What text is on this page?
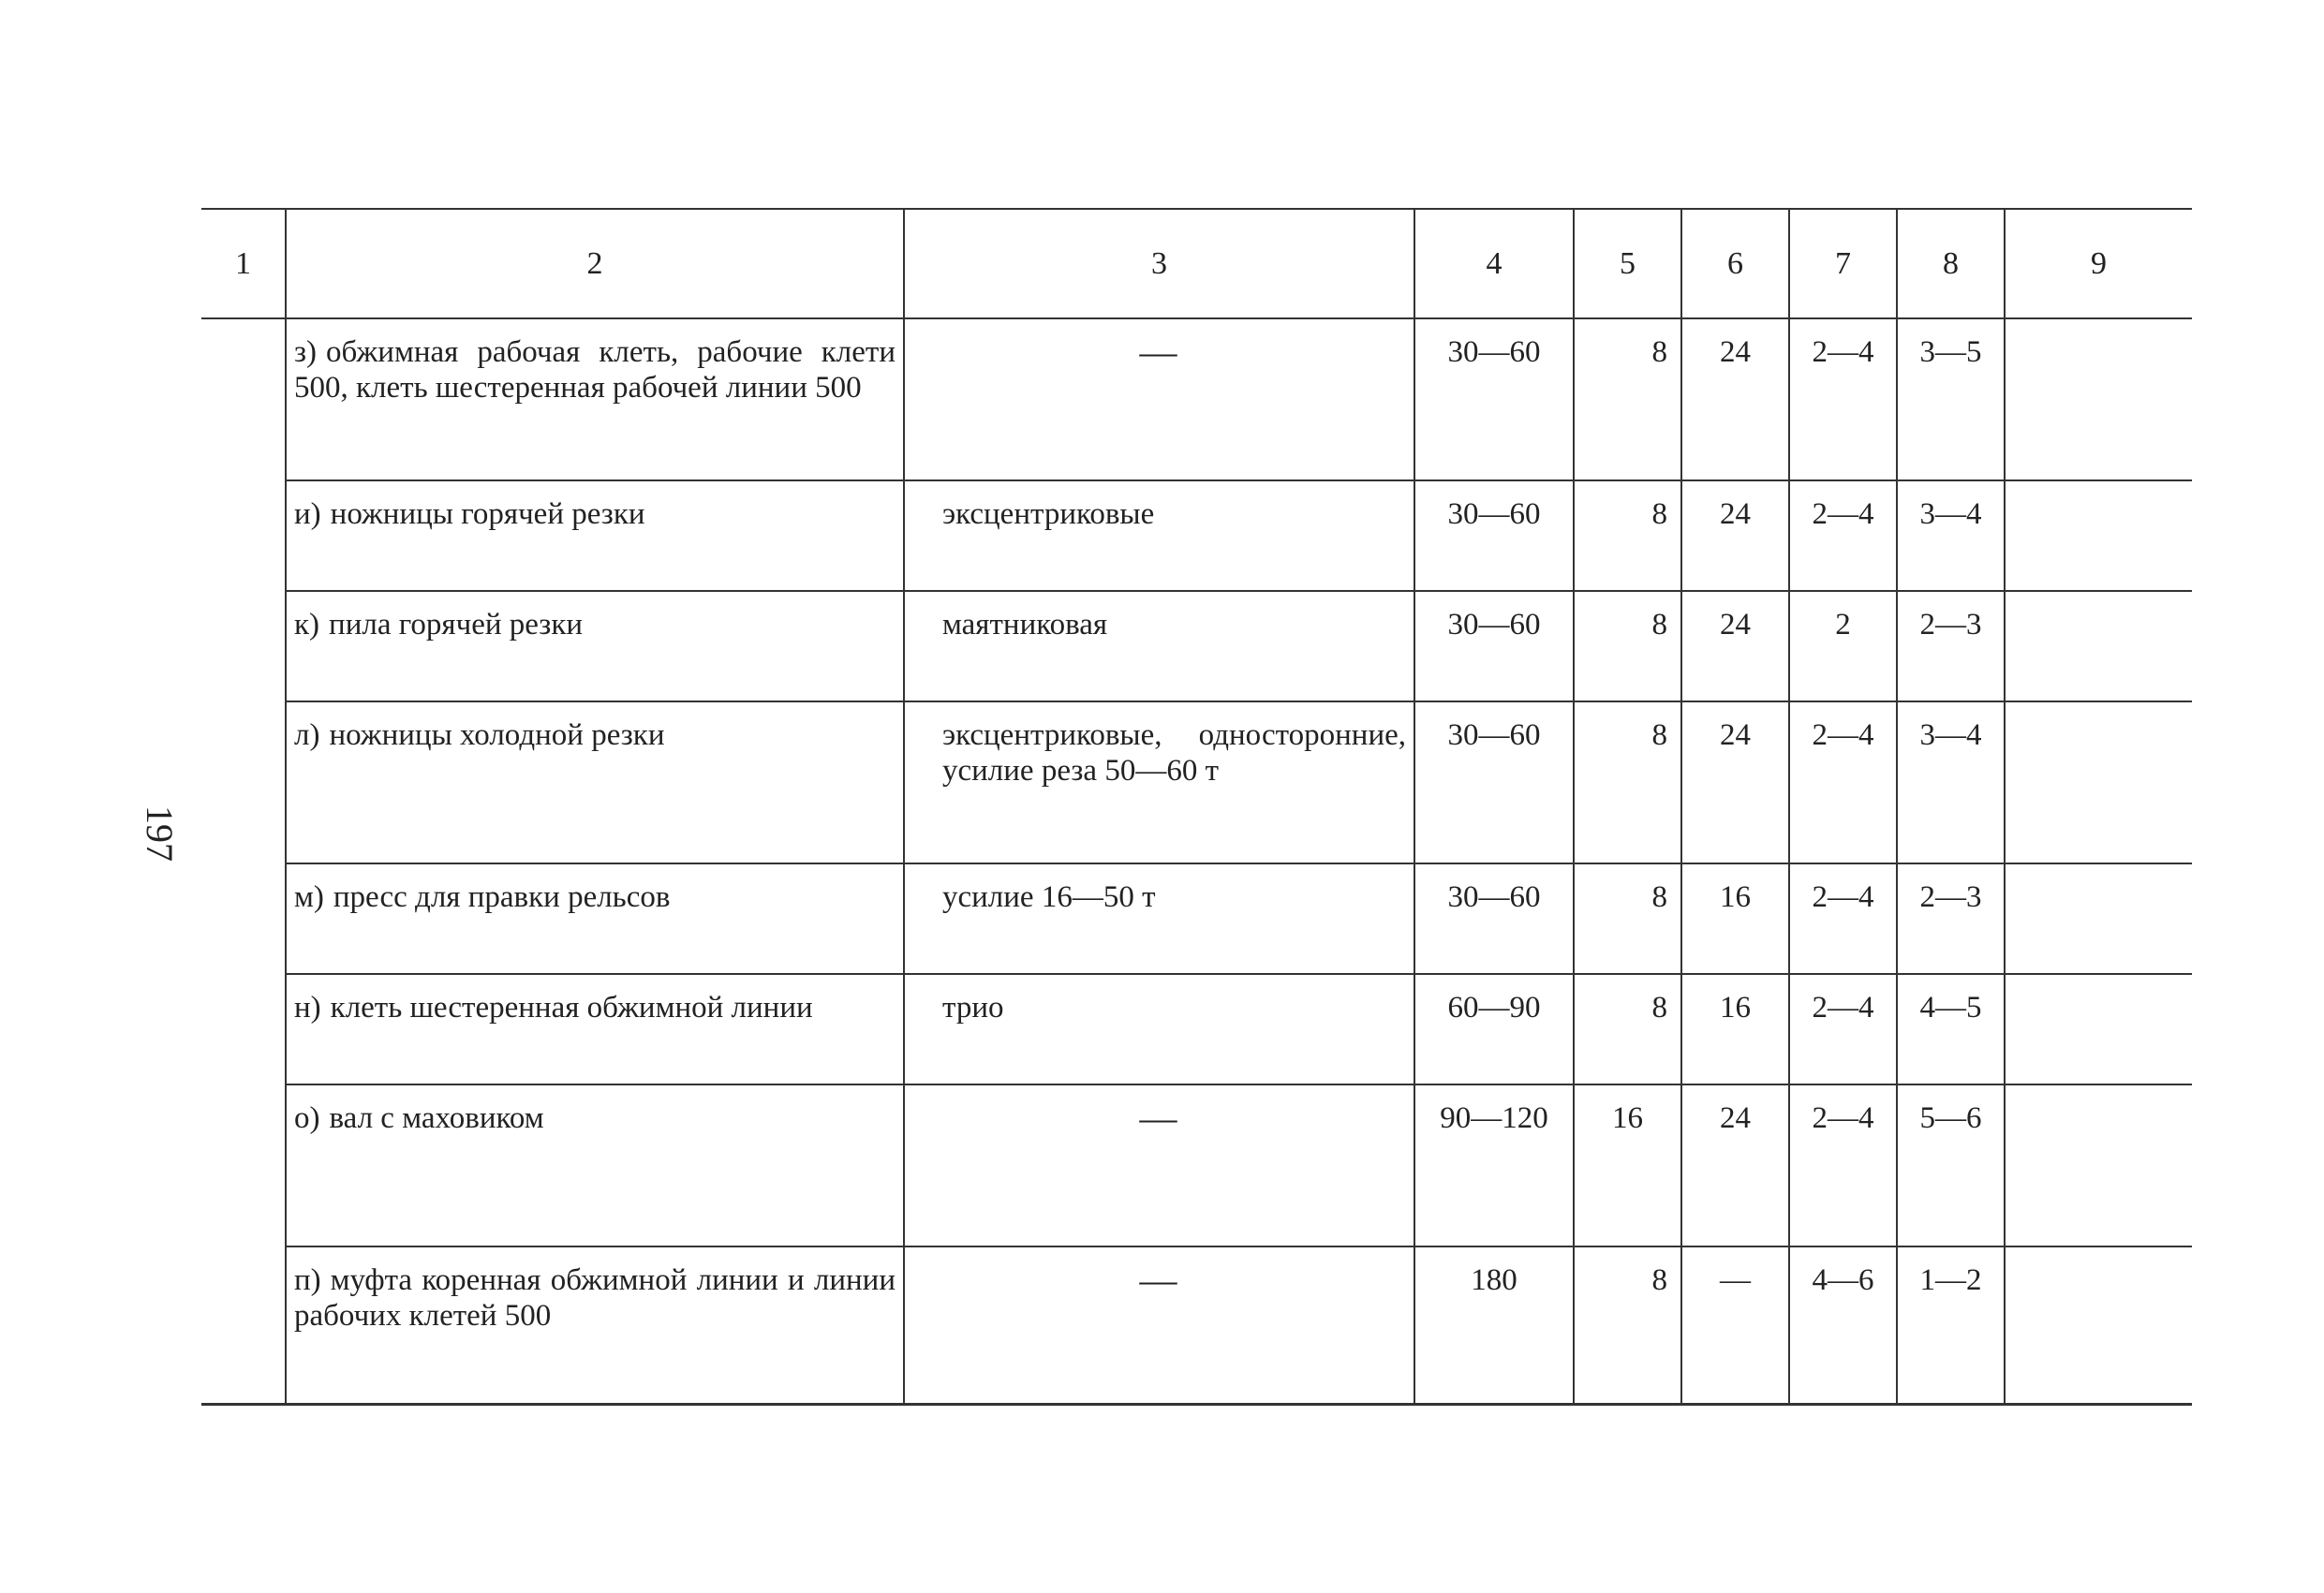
197
1	2	3	4	5	6	7	8	9
	з) обжимная рабочая клеть, рабочие клети 500, клеть шестеренная рабочей линии 500	—	30—60	8	24	2—4	3—5	
	и) ножницы горячей резки	эксцентриковые	30—60	8	24	2—4	3—4	
	к) пила горячей резки	маятниковая	30—60	8	24	2	2—3	
	л) ножницы холодной резки	эксцентриковые, односторонние, усилие реза 50—60 т	30—60	8	24	2—4	3—4	
	м) пресс для правки рельсов	усилие 16—50 т	30—60	8	16	2—4	2—3	
	н) клеть шестеренная обжимной линии	трио	60—90	8	16	2—4	4—5	
	о) вал с маховиком	—	90—120	16	24	2—4	5—6	
	п) муфта коренная обжимной линии и линии рабочих клетей 500	—	180	8	—	4—6	1—2	
